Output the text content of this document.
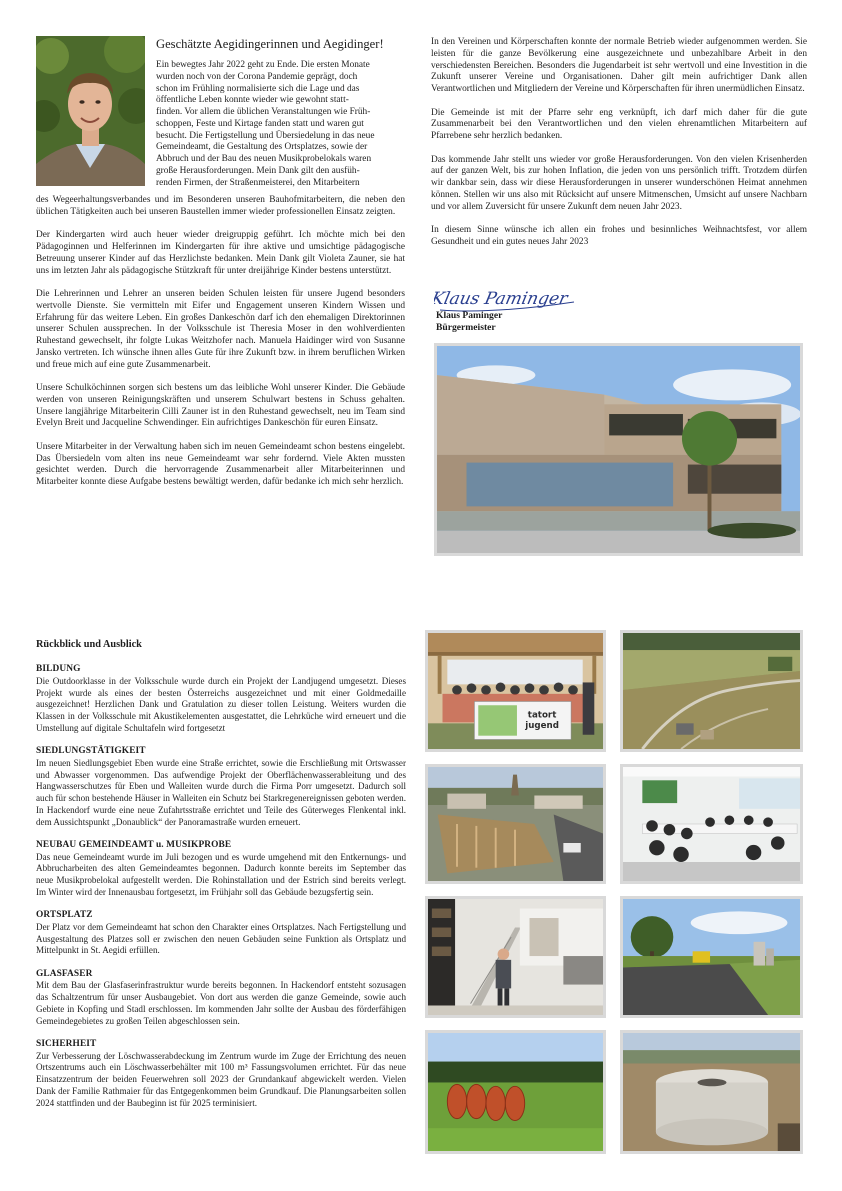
Geschätzte Aegidingerinnen und Aegidinger!
Ein bewegtes Jahr 2022 geht zu Ende. Die ersten Monate
wurden noch von der Corona Pandemie geprägt, doch
schon im Frühling normalisierte sich die Lage und das
öffentliche Leben konnte wieder wie gewohnt statt-
finden. Vor allem die üblichen Veranstaltungen wie Früh-
schoppen, Feste und Kirtage fanden statt und waren gut
besucht. Die Fertigstellung und Übersiedelung in das neue
Gemeindeamt, die Gestaltung des Ortsplatzes, sowie der
Abbruch und der Bau des neuen Musikprobelokals waren
große Herausforderungen. Mein Dank gilt den ausfüh-
renden Firmen, der Straßenmeisterei, den Mitarbeitern

des Wegeerhaltungsverbandes und im Besonderen unseren Bauhofmitarbeitern, die neben den üblichen Tätigkeiten auch bei unseren Baustellen immer wieder professionellen Einsatz zeigten.

Der Kindergarten wird auch heuer wieder dreigruppig geführt. Ich möchte mich bei den Pädagoginnen und Helferinnen im Kindergarten für ihre aktive und umsichtige pädagogische Betreuung unserer Kinder auf das Herzlichste bedanken. Mein Dank gilt Violeta Zauner, sie hat uns im letzten Jahr als pädagogische Stützkraft für unter dreijährige Kinder bestens unterstützt.

Die Lehrerinnen und Lehrer an unseren beiden Schulen leisten für unsere Jugend besonders wertvolle Dienste. Sie vermitteln mit Eifer und Engagement unseren Kindern Wissen und Erfahrung für das weitere Leben. Ein großes Dankeschön darf ich den ehemaligen Direktorinnen unserer Schulen aussprechen. In der Volksschule ist Theresia Moser in den wohlverdienten Ruhestand gewechselt, ihr folgte Lukas Weitzhofer nach. Manuela Haidinger wird von Susanne Jansko vertreten. Ich wünsche ihnen alles Gute für ihre Zukunft bzw. in ihrem beruflichen Wirken und freue mich auf eine gute Zusammenarbeit.

Unsere Schulköchinnen sorgen sich bestens um das leibliche Wohl unserer Kinder. Die Gebäude werden von unseren Reinigungskräften und unserem Schulwart bestens in Schuss gehalten. Unsere langjährige Mitarbeiterin Cilli Zauner ist in den Ruhestand gewechselt, neu im Team sind Evelyn Breit und Jacqueline Schwendinger. Ein aufrichtiges Dankeschön für euren Einsatz.

Unsere Mitarbeiter in der Verwaltung haben sich im neuen Gemeindeamt schon bestens eingelebt. Das Übersiedeln vom alten ins neue Gemeindeamt war sehr fordernd. Viele Akten mussten gesichtet werden. Durch die hervorragende Zusammenarbeit aller Mitarbeiterinnen und Mitarbeiter konnte diese Aufgabe bestens bewältigt werden, dafür bedanke ich mich sehr herzlich.

In den Vereinen und Körperschaften konnte der normale Betrieb wieder aufgenommen werden. Sie leisten für die ganze Bevölkerung eine ausgezeichnete und unbezahlbare Arbeit in den verschiedensten Bereichen. Besonders die Jugendarbeit ist sehr wertvoll und eine Investition in die Zukunft unserer Vereine und Organisationen. Daher gilt mein aufrichtiger Dank allen Verantwortlichen und Mitgliedern der Vereine und Körperschaften für ihren unermüdlichen Einsatz.

Die Gemeinde ist mit der Pfarre sehr eng verknüpft, ich darf mich daher für die gute Zusammenarbeit bei den Verantwortlichen und den vielen ehrenamtlichen Mitarbeitern auf Pfarrebene sehr herzlich bedanken.

Das kommende Jahr stellt uns wieder vor große Herausforderungen. Von den vielen Krisenherden auf der ganzen Welt, bis zur hohen Inflation, die jeden von uns persönlich trifft. Trotzdem dürfen wir dankbar sein, dass wir diese Herausforderungen in unserer wunderschönen Heimat annehmen können. Stellen wir uns also mit Rücksicht auf unsere Mitmenschen, Umsicht auf unsere Nachbarn und vor allem Zuversicht für unsere Zukunft dem neuen Jahr 2023.

In diesem Sinne wünsche ich allen ein frohes und besinnliches Weihnachtsfest, vor allem Gesundheit und ein gutes neues Jahr 2023

Klaus Paminger
Klaus Paminger
Bürgermeister
Rückblick und Ausblick
BILDUNG

Die Outdoorklasse in der Volksschule wurde durch ein Projekt der Landjugend umgesetzt. Dieses Projekt wurde als eines der besten Österreichs ausgezeichnet und mit einer Goldmedaille ausgezeichnet! Herzlichen Dank und Gratulation zu dieser tollen Leistung. Weiters wurden die Klassen in der Volksschule mit Akustikelementen ausgestattet, die Lehrküche wird erneuert und die Umstellung auf digitale Schultafeln wird fortgesetzt

SIEDLUNGSTÄTIGKEIT

Im neuen Siedlungsgebiet Eben wurde eine Straße errichtet, sowie die Erschließung mit Ortswasser und Abwasser vorgenommen. Das aufwendige Projekt der Oberflächenwasserableitung und des Hangwasserschutzes für Eben und Walleiten wurde durch die Firma Porr umgesetzt. Dadurch soll auch für schon bestehende Häuser in Walleiten ein Schutz bei Starkregenereignissen geboten werden. In Hackendorf wurde eine neue Zufahrtsstraße errichtet und Teile des Güterweges Flenkental inkl. dem Aussichtspunkt „Donaublick“ der Panoramastraße wurden erneuert.

NEUBAU GEMEINDEAMT u. MUSIKPROBE

Das neue Gemeindeamt wurde im Juli bezogen und es wurde umgehend mit den Entkernungs- und Abbrucharbeiten des alten Gemeindeamtes begonnen. Dadurch konnte bereits im September das neue Musikprobelokal aufgestellt werden. Die Rohinstallation und der Estrich sind bereits verlegt. Im Winter wird der Innenausbau fortgesetzt, im Frühjahr soll das Gebäude bezugsfertig sein.

ORTSPLATZ

Der Platz vor dem Gemeindeamt hat schon den Charakter eines Ortsplatzes. Nach Fertigstellung und Ausgestaltung des Platzes soll er zwischen den neuen Gebäuden seine Funktion als Ortsplatz und Mittelpunkt in St. Aegidi erfüllen.

GLASFASER

Mit dem Bau der Glasfaserinfrastruktur wurde bereits begonnen. In Hackendorf entsteht sozusagen das Schaltzentrum für unser Ausbaugebiet. Von dort aus werden die ganze Gemeinde, sowie auch Gebiete in Kopfing und Stadl erschlossen. Im kommenden Jahr sollte der Ausbau des förderfähigen Gemeindegebietes zu großen Teilen abgeschlossen sein.

SICHERHEIT

Zur Verbesserung der Löschwasserabdeckung im Zentrum wurde im Zuge der Errichtung des neuen Ortszentrums auch ein Löschwasserbehälter mit 100 m³ Fassungsvolumen errichtet. Für das neue Einsatzzentrum der beiden Feuerwehren soll 2023 der Grundankauf abgewickelt werden. Vielen Dank der Familie Rathmaier für das Entgegenkommen beim Grundkauf. Die Planungsarbeiten sollen 2024 stattfinden und der Baubeginn ist für 2025 terminisiert.

tatort
jugend
